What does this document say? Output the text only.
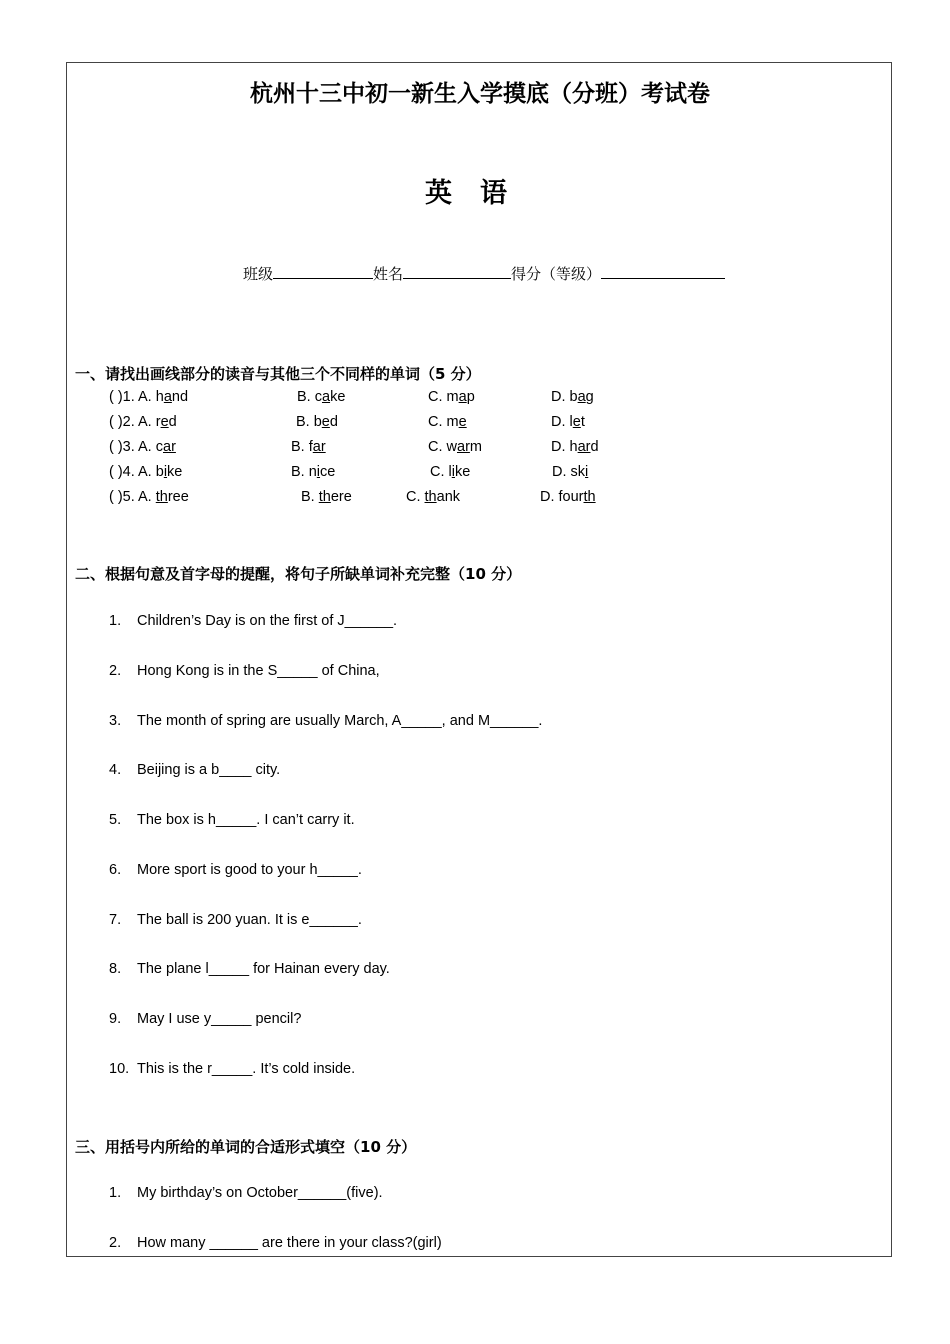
杭州十三中初一新生入学摸底（分班）考试卷
英语
班级	姓名	得分（等级）
一、请找出画线部分的读音与其他三个不同样的单词（5 分）
( )1. A. hand	B. cake	C. map	D. bag
( )2. A. red	B. bed	C. me	D. let
( )3. A. car	B. far	C. warm	D. hard
( )4. A. bike	B. nice	C. like	D. ski
( )5. A. three	B. there	C. thank	D. fourth
二、根据句意及首字母的提醒，将句子所缺单词补充完整（10 分）
1. Children’s Day is on the first of J______.
2. Hong Kong is in the S_____ of China,
3. The month of spring are usually March, A_____, and M______.
4. Beijing is a b____ city.
5. The box is h_____. I can’t carry it.
6. More sport is good to your h_____.
7. The ball is 200 yuan. It is e______.
8. The plane l_____ for Hainan every day.
9. May I use y_____ pencil?
10. This is the r_____. It’s cold inside.
三、用括号内所给的单词的合适形式填空（10 分）
1. My birthday’s on October______(five).
2. How many ______ are there in your class?(girl)
